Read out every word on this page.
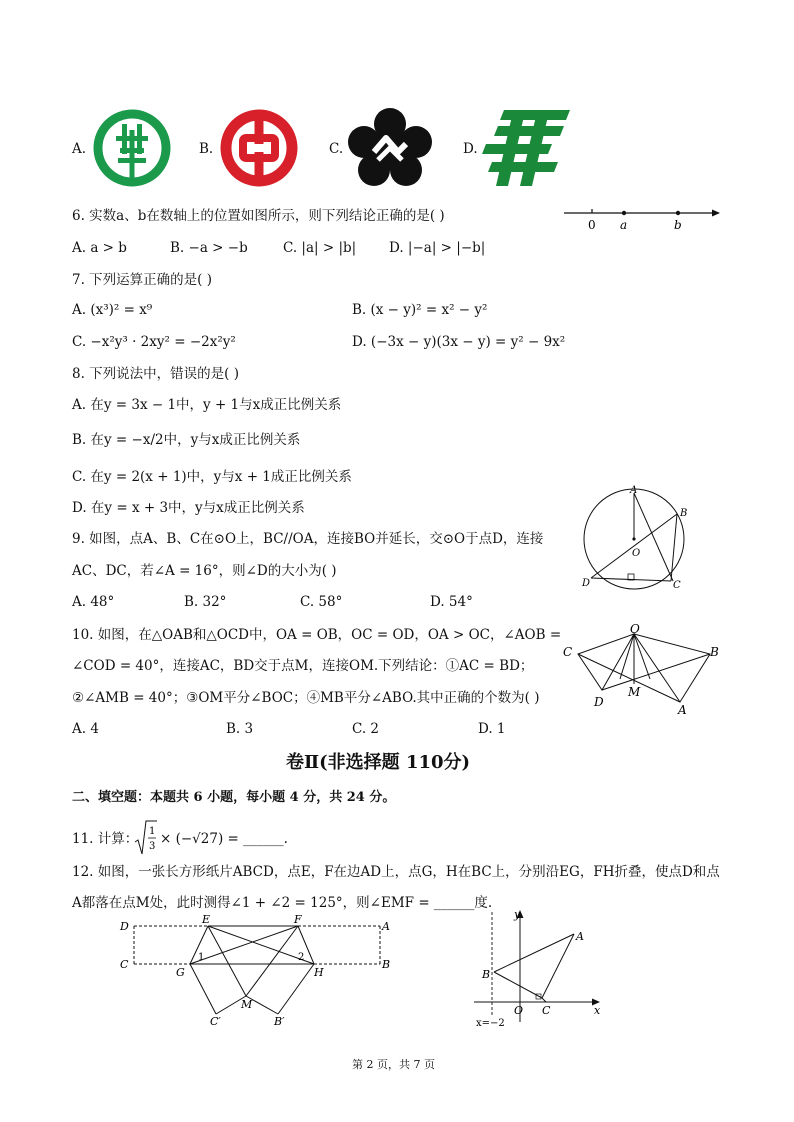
A.	B.	C.	D.
6. 实数a、b在数轴上的位置如图所示，则下列结论正确的是( )
0 a	b
A. a > b	B. −a > −b	C. |a| > |b| D. |−a| > |−b|
7. 下列运算正确的是( )
A. (x³)² = x⁹	B. (x − y)² = x² − y²
C. −x²y³ · 2xy² = −2x²y²	D. (−3x − y)(3x − y) = y² − 9x²
8. 下列说法中，错误的是( )
A. 在y = 3x − 1中，y + 1与x成正比例关系
B. 在y = −x/2中，y与x成正比例关系
C. 在y = 2(x + 1)中，y与x + 1成正比例关系
D. 在y = x + 3中，y与x成正比例关系
9. 如图，点A、B、C在⊙O上，BC//OA，连接BO并延长，交⊙O于点D，连接
AC、DC，若∠A = 16°，则∠D的大小为( )
A. 48°	B. 32°	C. 58°	D. 54°
A
B
C
D
O
10. 如图，在△OAB和△OCD中，OA = OB，OC = OD，OA > OC，∠AOB =
∠COD = 40°，连接AC，BD交于点M，连接OM.下列结论：①AC = BD；
②∠AMB = 40°；③OM平分∠BOC；④MB平分∠ABO.其中正确的个数为( )
A. 4	B. 3	C. 2	D. 1
O
C	B
M
D
A
卷Ⅱ(非选择题 110分)
二、填空题：本题共 6 小题，每小题 4 分，共 24 分。
11. 计算： 1
3 × (−√27) = ______.
12. 如图，一张长方形纸片ABCD，点E，F在边AD上，点G，H在BC上，分别沿EG，FH折叠，使点D和点
A都落在点M处，此时测得∠1 + ∠2 = 125°，则∠EMF = ______度.
D
E	F
A
C
G	H
B
1	2
M
C′	B′
y
A
B
O C	x
x=−2
第 2 页，共 7 页
